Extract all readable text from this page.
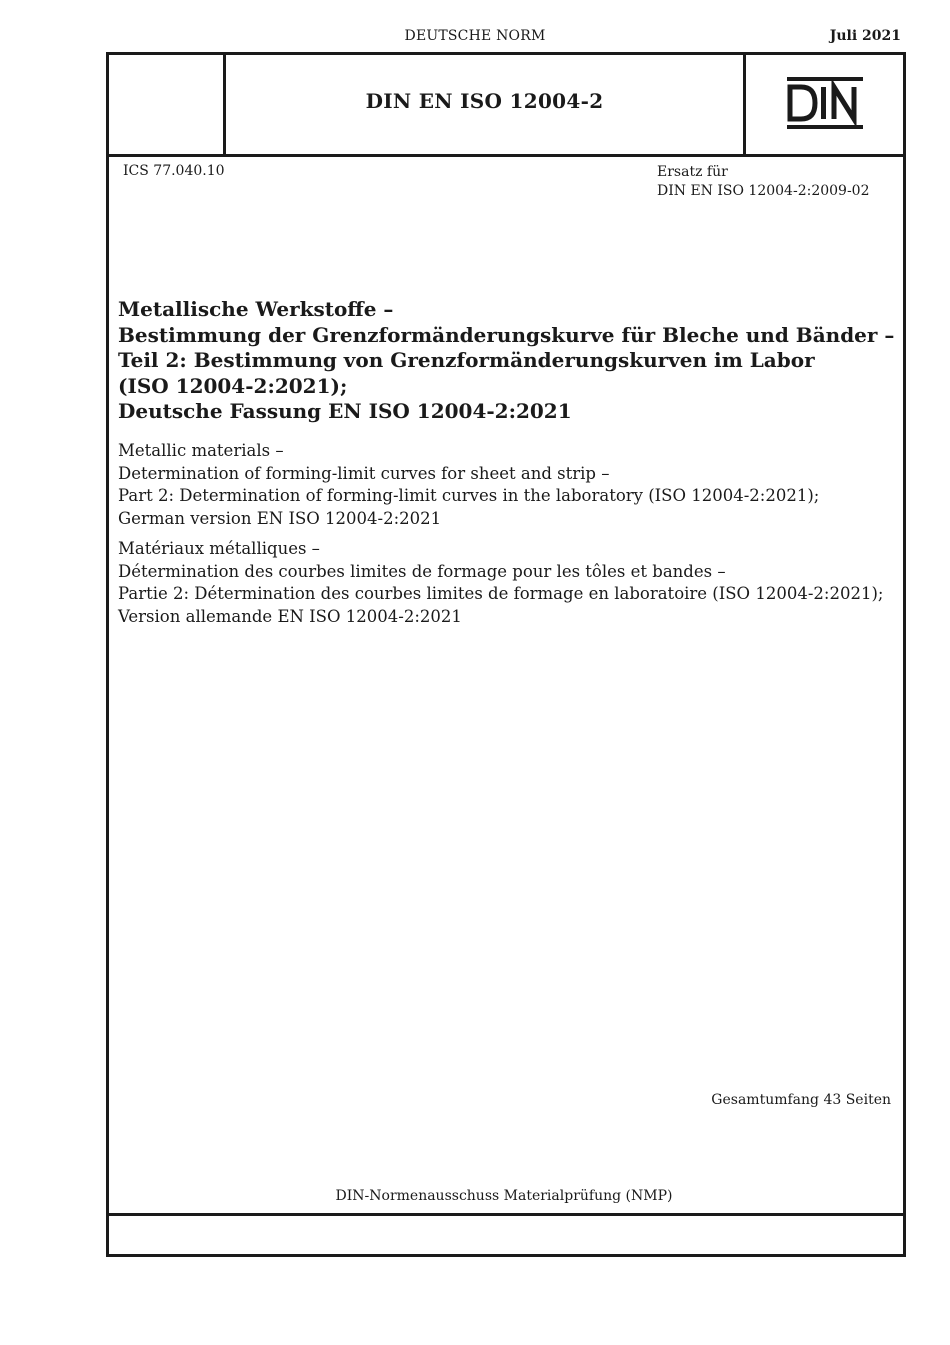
DEUTSCHE NORM	Juli 2021
DIN EN ISO 12004-2
ICS 77.040.10	Ersatz für
DIN EN ISO 12004-2:2009-02
Metallische Werkstoffe –
Bestimmung der Grenzformänderungskurve für Bleche und Bänder –
Teil 2: Bestimmung von Grenzformänderungskurven im Labor
(ISO 12004-2:2021);
Deutsche Fassung EN ISO 12004-2:2021
Metallic materials –
Determination of forming-limit curves for sheet and strip –
Part 2: Determination of forming-limit curves in the laboratory (ISO 12004-2:2021);
German version EN ISO 12004-2:2021
Matériaux métalliques –
Détermination des courbes limites de formage pour les tôles et bandes –
Partie 2: Détermination des courbes limites de formage en laboratoire (ISO 12004-2:2021);
Version allemande EN ISO 12004-2:2021
Gesamtumfang 43 Seiten
DIN-Normenausschuss Materialprüfung (NMP)
